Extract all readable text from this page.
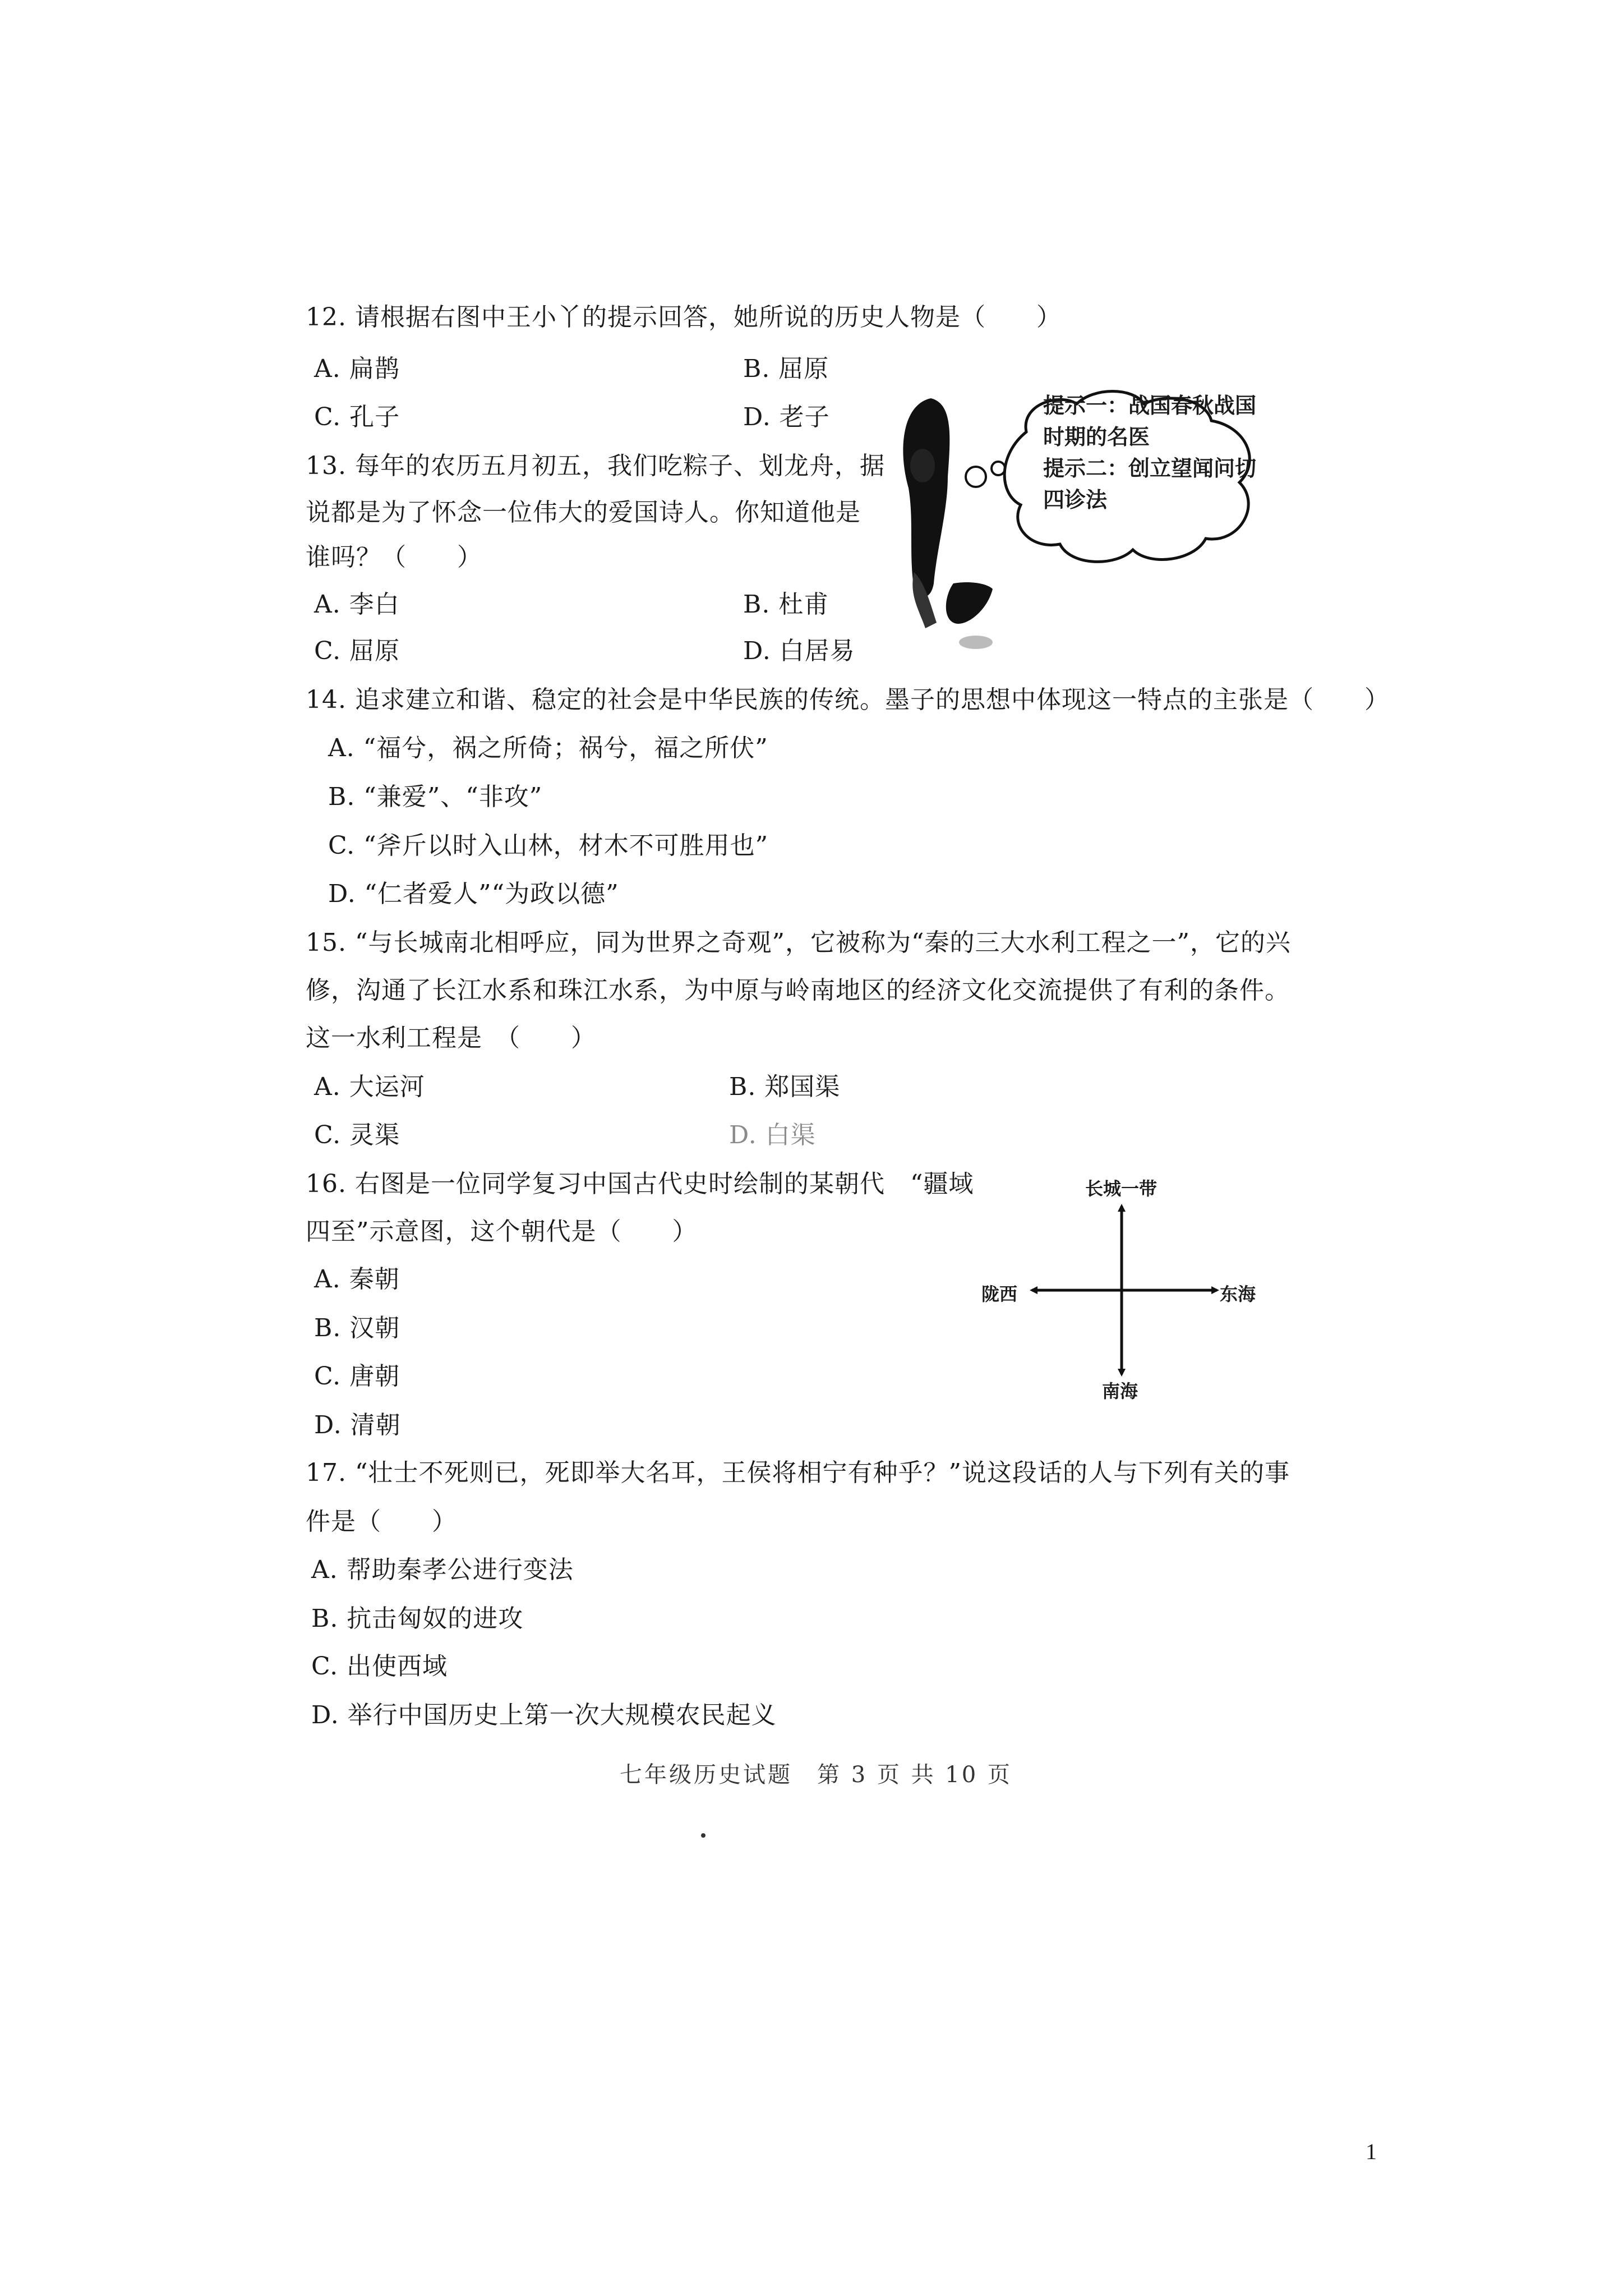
12. 请根据右图中王小丫的提示回答，她所说的历史人物是（　　）
A. 扁鹊	B. 屈原
C. 孔子	D. 老子	提示一：战国春秋战国时期的名医
提示二：创立望闻问切四诊法
13. 每年的农历五月初五，我们吃粽子、划龙舟，据
说都是为了怀念一位伟大的爱国诗人。你知道他是
谁吗？（　　）
A. 李白	B. 杜甫
C. 屈原	D. 白居易
14. 追求建立和谐、稳定的社会是中华民族的传统。墨子的思想中体现这一特点的主张是（　　）
A. “福兮，祸之所倚；祸兮，福之所伏”
B. “兼爱”、“非攻”
C. “斧斤以时入山林，材木不可胜用也”
D. “仁者爱人”“为政以德”
15. “与长城南北相呼应，同为世界之奇观”，它被称为“秦的三大水利工程之一”，它的兴
修，沟通了长江水系和珠江水系，为中原与岭南地区的经济文化交流提供了有利的条件。
这一水利工程是　（　　）
A. 大运河	B. 郑国渠
C. 灵渠	D. 白渠
16. 右图是一位同学复习中国古代史时绘制的某朝代　“疆域
四至”示意图，这个朝代是（　　）
A. 秦朝
B. 汉朝
C. 唐朝
D. 清朝
长城一带
陇西	东海
南海
17. “壮士不死则已，死即举大名耳，王侯将相宁有种乎？”说这段话的人与下列有关的事
件是（　　）
A. 帮助秦孝公进行变法
B. 抗击匈奴的进攻
C. 出使西域
D. 举行中国历史上第一次大规模农民起义
七年级历史试题　第 3 页 共 10 页
1
